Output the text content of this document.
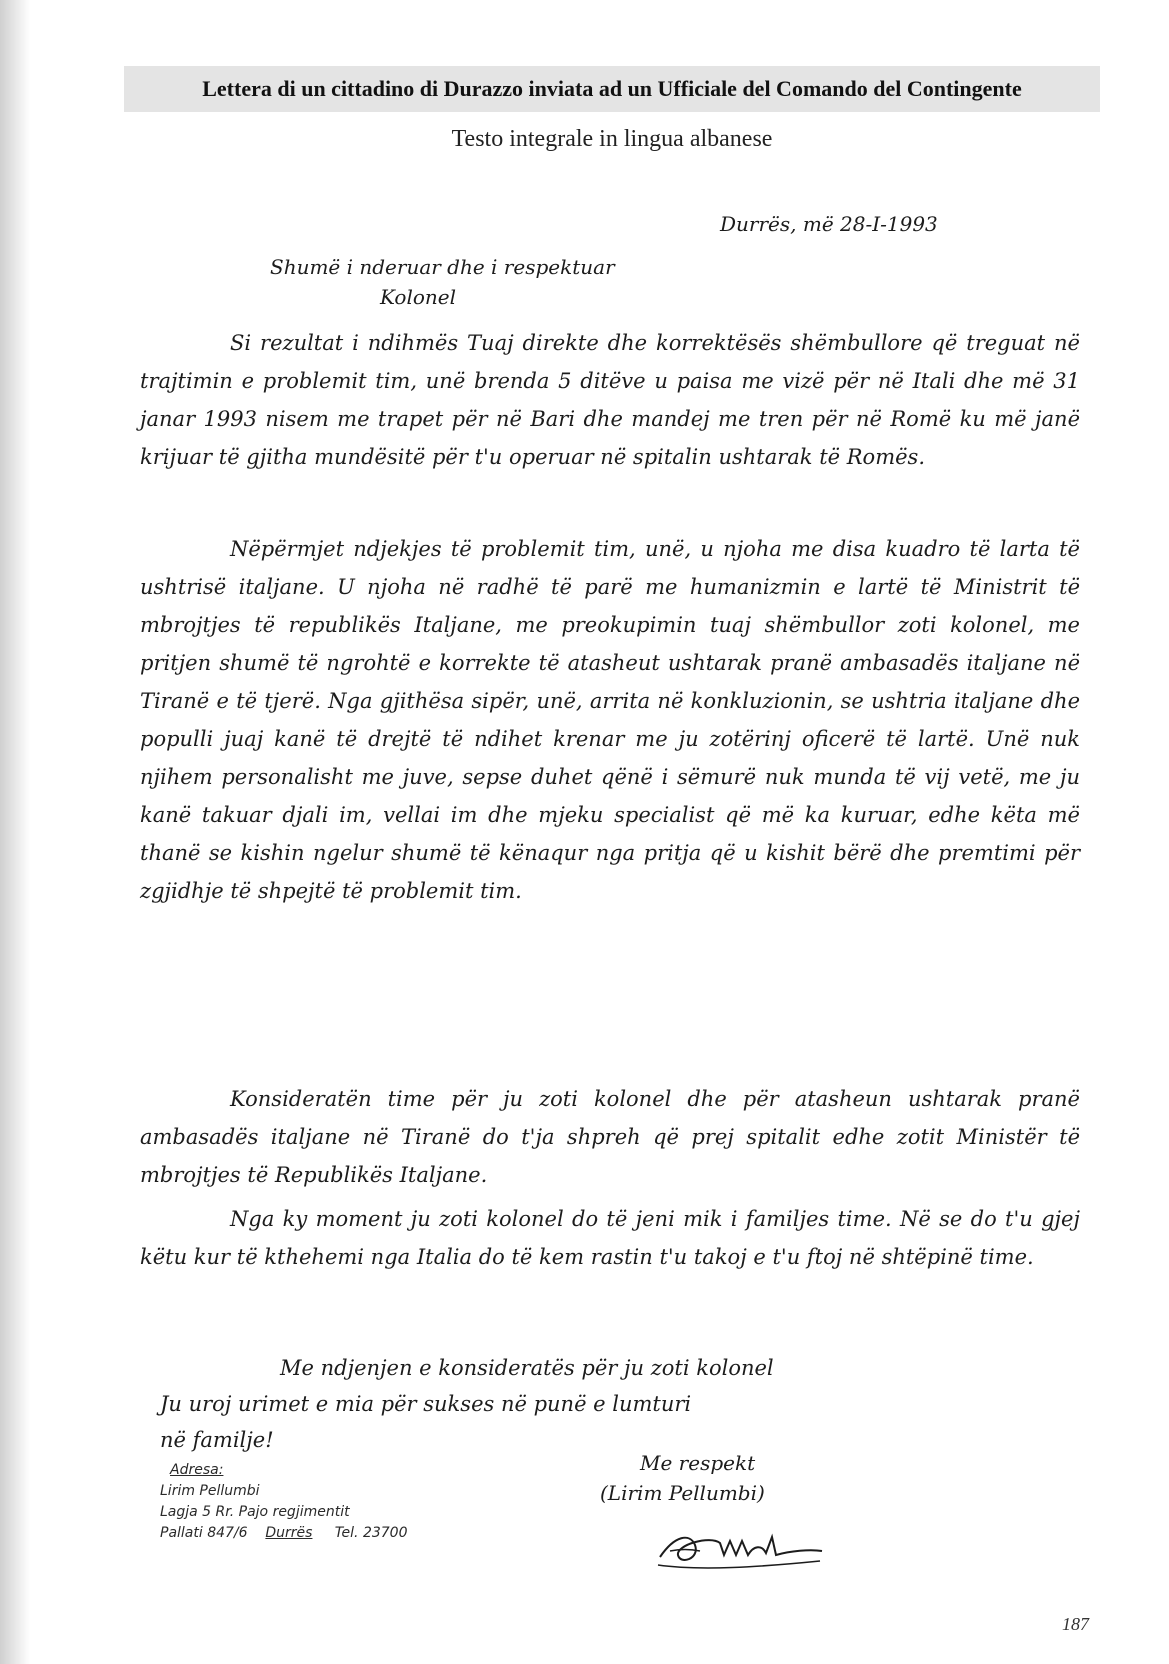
Lettera di un cittadino di Durazzo inviata ad un Ufficiale del Comando del Contingente
Testo integrale in lingua albanese
Durrës, më 28-I-1993
Shumë i nderuar dhe i respektuar
Kolonel
Si rezultat i ndihmës Tuaj direkte dhe korrektësës shëmbullore që treguat në trajtimin e problemit tim, unë brenda 5 ditëve u paisa me vizë për në Itali dhe më 31 janar 1993 nisem me trapet për në Bari dhe mandej me tren për në Romë ku më janë krijuar të gjitha mundësitë për t'u operuar në spitalin ushtarak të Romës.
Nëpërmjet ndjekjes të problemit tim, unë, u njoha me disa kuadro të larta të ushtrisë italjane. U njoha në radhë të parë me humanizmin e lartë të Ministrit të mbrojtjes të republikës Italjane, me preokupimin tuaj shëmbullor zoti kolonel, me pritjen shumë të ngrohtë e korrekte të atasheut ushtarak pranë ambasadës italjane në Tiranë e të tjerë. Nga gjithësa sipër, unë, arrita në konkluzionin, se ushtria italjane dhe populli juaj kanë të drejtë të ndihet krenar me ju zotërinj oficerë të lartë. Unë nuk njihem personalisht me juve, sepse duhet qënë i sëmurë nuk munda të vij vetë, me ju kanë takuar djali im, vellai im dhe mjeku specialist që më ka kuruar, edhe këta më thanë se kishin ngelur shumë të kënaqur nga pritja që u kishit bërë dhe premtimi për zgjidhje të shpejtë të problemit tim.
Konsideratën time për ju zoti kolonel dhe për atasheun ushtarak pranë ambasadës italjane në Tiranë do t'ja shpreh që prej spitalit edhe zotit Ministër të mbrojtjes të Republikës Italjane.
Nga ky moment ju zoti kolonel do të jeni mik i familjes time. Në se do t'u gjej këtu kur të kthehemi nga Italia do të kem rastin t'u takoj e t'u ftoj në shtëpinë time.
Me ndjenjen e konsideratës për ju zoti kolonel
Ju uroj urimet e mia për sukses në punë e lumturi
në familje!
Me respekt
(Lirim Pellumbi)
Adresa:
Lirim Pellumbi
Lagja 5 Rr. Pajo regjimentit
Pallati 847/6 Durrës Tel. 23700
187
